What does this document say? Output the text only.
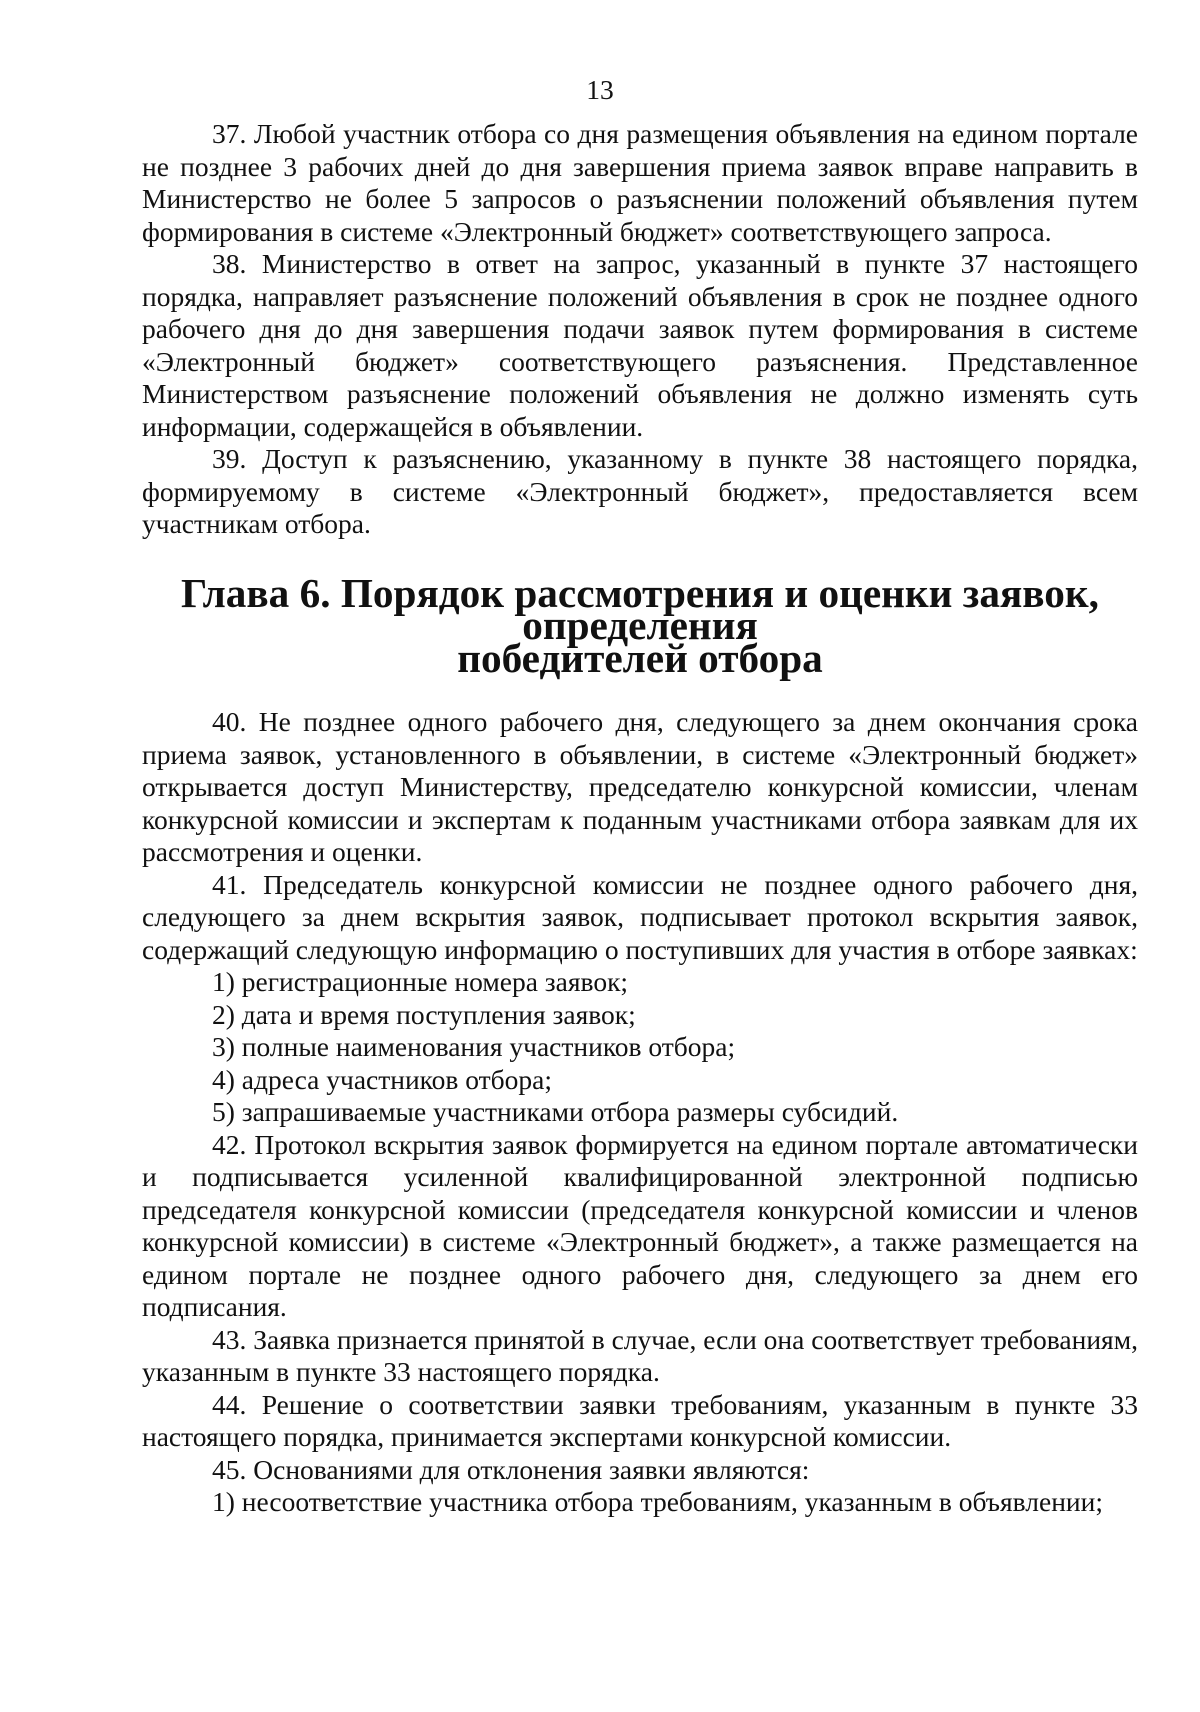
13

37. Любой участник отбора со дня размещения объявления на едином портале не позднее 3 рабочих дней до дня завершения приема заявок вправе направить в Министерство не более 5 запросов о разъяснении положений объявления путем формирования в системе «Электронный бюджет» соответствующего запроса.

38. Министерство в ответ на запрос, указанный в пункте 37 настоящего порядка, направляет разъяснение положений объявления в срок не позднее одного рабочего дня до дня завершения подачи заявок путем формирования в системе «Электронный бюджет» соответствующего разъяснения. Представленное Министерством разъяснение положений объявления не должно изменять суть информации, содержащейся в объявлении.

39. Доступ к разъяснению, указанному в пункте 38 настоящего порядка, формируемому в системе «Электронный бюджет», предоставляется всем участникам отбора.

Глава 6. Порядок рассмотрения и оценки заявок, определения
победителей отбора

40. Не позднее одного рабочего дня, следующего за днем окончания срока приема заявок, установленного в объявлении, в системе «Электронный бюджет» открывается доступ Министерству, председателю конкурсной комиссии, членам конкурсной комиссии и экспертам к поданным участниками отбора заявкам для их рассмотрения и оценки.

41. Председатель конкурсной комиссии не позднее одного рабочего дня, следующего за днем вскрытия заявок, подписывает протокол вскрытия заявок, содержащий следующую информацию о поступивших для участия в отборе заявках:

1) регистрационные номера заявок;

2) дата и время поступления заявок;

3) полные наименования участников отбора;

4) адреса участников отбора;

5) запрашиваемые участниками отбора размеры субсидий.

42. Протокол вскрытия заявок формируется на едином портале автоматически и подписывается усиленной квалифицированной электронной подписью председателя конкурсной комиссии (председателя конкурсной комиссии и членов конкурсной комиссии) в системе «Электронный бюджет», а также размещается на едином портале не позднее одного рабочего дня, следующего за днем его подписания.

43. Заявка признается принятой в случае, если она соответствует требованиям, указанным в пункте 33 настоящего порядка.

44. Решение о соответствии заявки требованиям, указанным в пункте 33 настоящего порядка, принимается экспертами конкурсной комиссии.

45. Основаниями для отклонения заявки являются:

1) несоответствие участника отбора требованиям, указанным в объявлении;
